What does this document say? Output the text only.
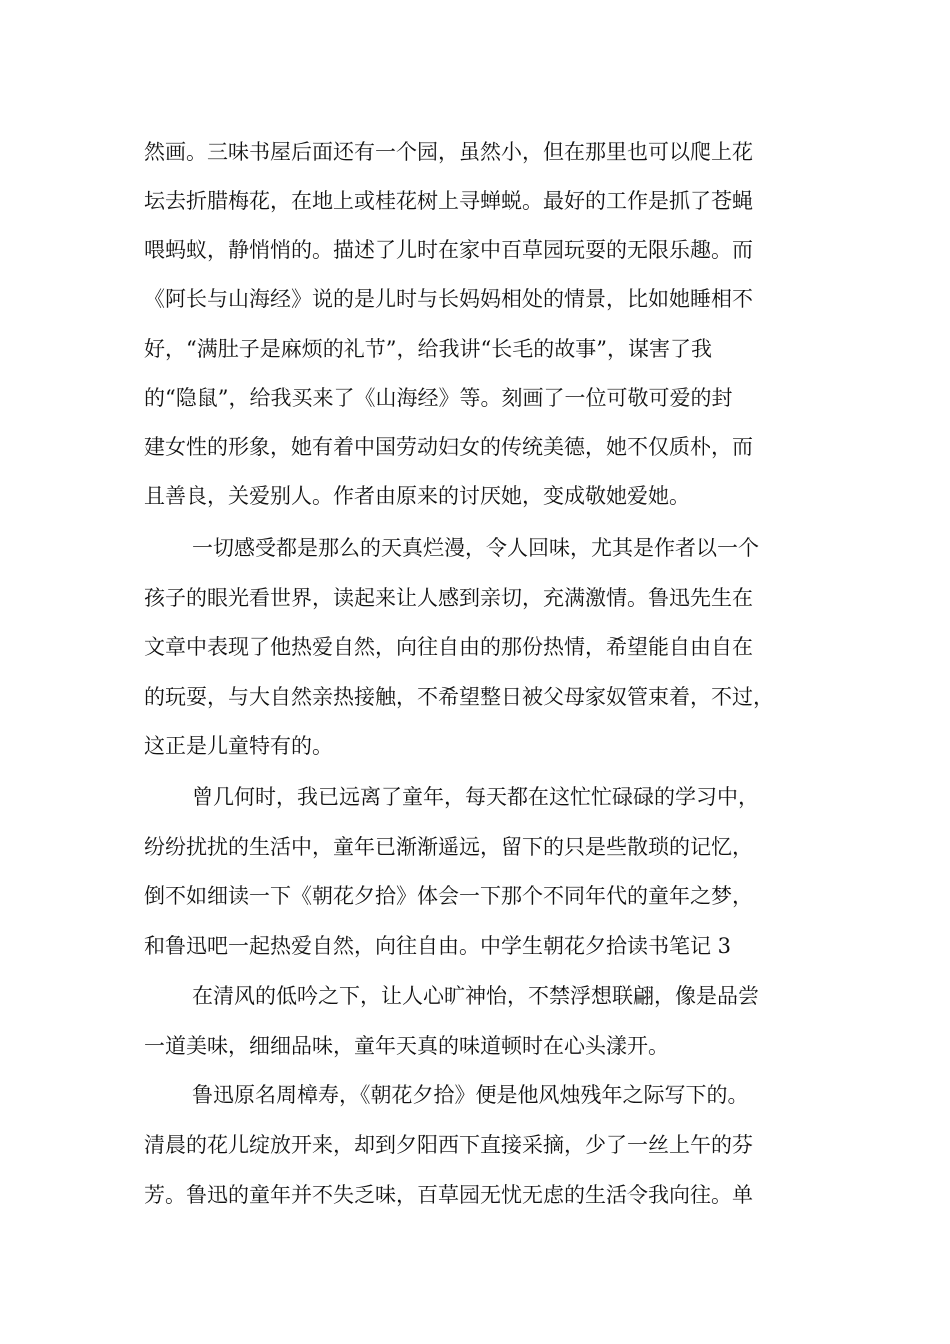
然画。三味书屋后面还有一个园，虽然小，但在那里也可以爬上花
坛去折腊梅花，在地上或桂花树上寻蝉蜕。最好的工作是抓了苍蝇
喂蚂蚁，静悄悄的。描述了儿时在家中百草园玩耍的无限乐趣。而
《阿长与山海经》说的是儿时与长妈妈相处的情景，比如她睡相不
好，“满肚子是麻烦的礼节”，给我讲“长毛的故事”，谋害了我
的“隐鼠”，给我买来了《山海经》等。刻画了一位可敬可爱的封
建女性的形象，她有着中国劳动妇女的传统美德，她不仅质朴，而
且善良，关爱别人。作者由原来的讨厌她，变成敬她爱她。
一切感受都是那么的天真烂漫，令人回味，尤其是作者以一个
孩子的眼光看世界，读起来让人感到亲切，充满激情。鲁迅先生在
文章中表现了他热爱自然，向往自由的那份热情，希望能自由自在
的玩耍，与大自然亲热接触，不希望整日被父母家奴管束着，不过，
这正是儿童特有的。
曾几何时，我已远离了童年，每天都在这忙忙碌碌的学习中，
纷纷扰扰的生活中，童年已渐渐遥远，留下的只是些散琐的记忆，
倒不如细读一下《朝花夕拾》体会一下那个不同年代的童年之梦，
和鲁迅吧一起热爱自然，向往自由。中学生朝花夕拾读书笔记 3
在清风的低吟之下，让人心旷神怡，不禁浮想联翩，像是品尝
一道美味，细细品味，童年天真的味道顿时在心头漾开。
鲁迅原名周樟寿，《朝花夕拾》便是他风烛残年之际写下的。
清晨的花儿绽放开来，却到夕阳西下直接采摘，少了一丝上午的芬
芳。鲁迅的童年并不失乏味，百草园无忧无虑的生活令我向往。单
